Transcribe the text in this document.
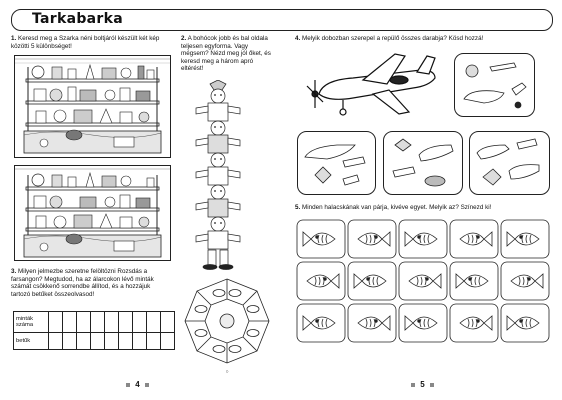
Tarkabarka
1. Keresd meg a Szarka néni boltjáról készült két kép közötti 5 különbséget!
2. A bohócok jobb és bal oldala teljesen egyforma. Vagy mégsem? Nézd meg jól őket, és keresd meg a három apró eltérést!
3. Milyen jelmezbe szeretne felöltözni Rozsdás a farsangon? Megtudod, ha az álarcokon lévő minták számát csökkenő sorrendbe állítod, és a hozzájuk tartozó betűket összeolvasod!
4. Melyik dobozban szerepel a repülő összes darabja? Kösd hozzá!
5. Minden halacskának van párja, kivéve egyet. Melyik az? Színezd ki!
minták száma									
betűk									
○
4	5
